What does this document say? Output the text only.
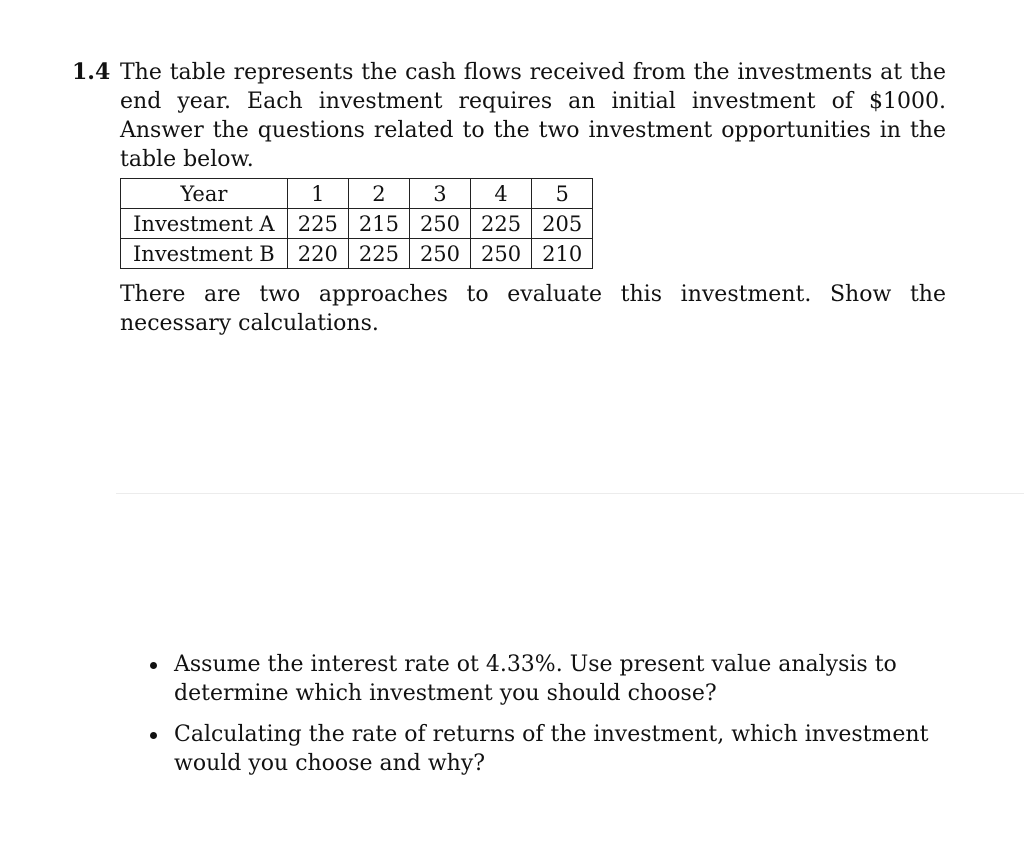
1.4 The table represents the cash flows received from the investments at the end year. Each investment requires an initial investment of $1000. Answer the questions related to the two investment opportunities in the table below.
Year	1	2	3	4	5
Investment A	225	215	250	225	205
Investment B	220	225	250	250	210
There are two approaches to evaluate this investment. Show the necessary calculations.
Assume the interest rate ot 4.33%. Use present value analysis to determine which investment you should choose?
Calculating the rate of returns of the investment, which investment would you choose and why?
